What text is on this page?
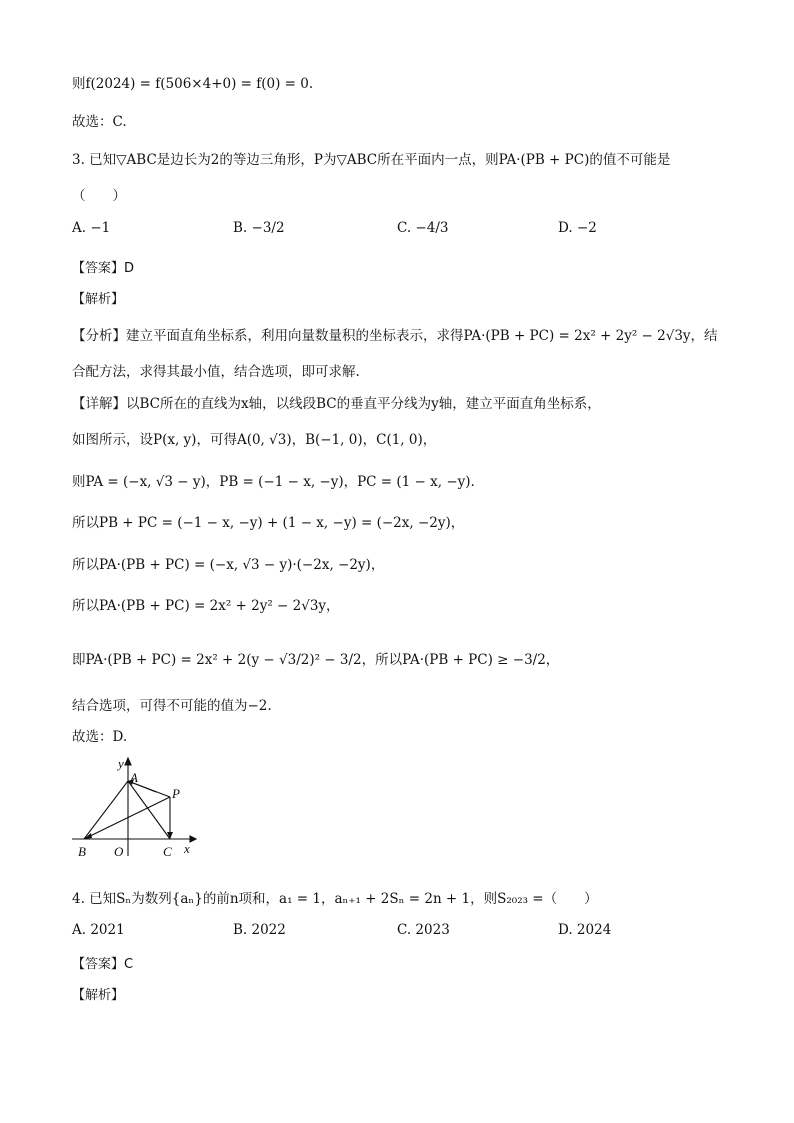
则f(2024) = f(506×4+0) = f(0) = 0.
故选：C.
3. 已知▽ABC是边长为2的等边三角形，P为▽ABC所在平面内一点，则PA·(PB + PC)的值不可能是
（　　）
A. −1	B. −3/2	C. −4/3	D. −2
【答案】D
【解析】
【分析】建立平面直角坐标系，利用向量数量积的坐标表示，求得PA·(PB + PC) = 2x² + 2y² − 2√3y，结
合配方法，求得其最小值，结合选项，即可求解.
【详解】以BC所在的直线为x轴，以线段BC的垂直平分线为y轴，建立平面直角坐标系，
如图所示，设P(x, y)，可得A(0, √3)，B(−1, 0)，C(1, 0)，
则PA = (−x, √3 − y)，PB = (−1 − x, −y)，PC = (1 − x, −y).
所以PB + PC = (−1 − x, −y) + (1 − x, −y) = (−2x, −2y)，
所以PA·(PB + PC) = (−x, √3 − y)·(−2x, −2y)，
所以PA·(PB + PC) = 2x² + 2y² − 2√3y，
即PA·(PB + PC) = 2x² + 2(y − √3/2)² − 3/2，所以PA·(PB + PC) ≥ −3/2，
结合选项，可得不可能的值为−2.
故选：D.
y
A
P
B O	C x
4. 已知Sₙ为数列{aₙ}的前n项和，a₁ = 1，aₙ₊₁ + 2Sₙ = 2n + 1，则S₂₀₂₃ =（　　）
A. 2021	B. 2022	C. 2023	D. 2024
【答案】C
【解析】
